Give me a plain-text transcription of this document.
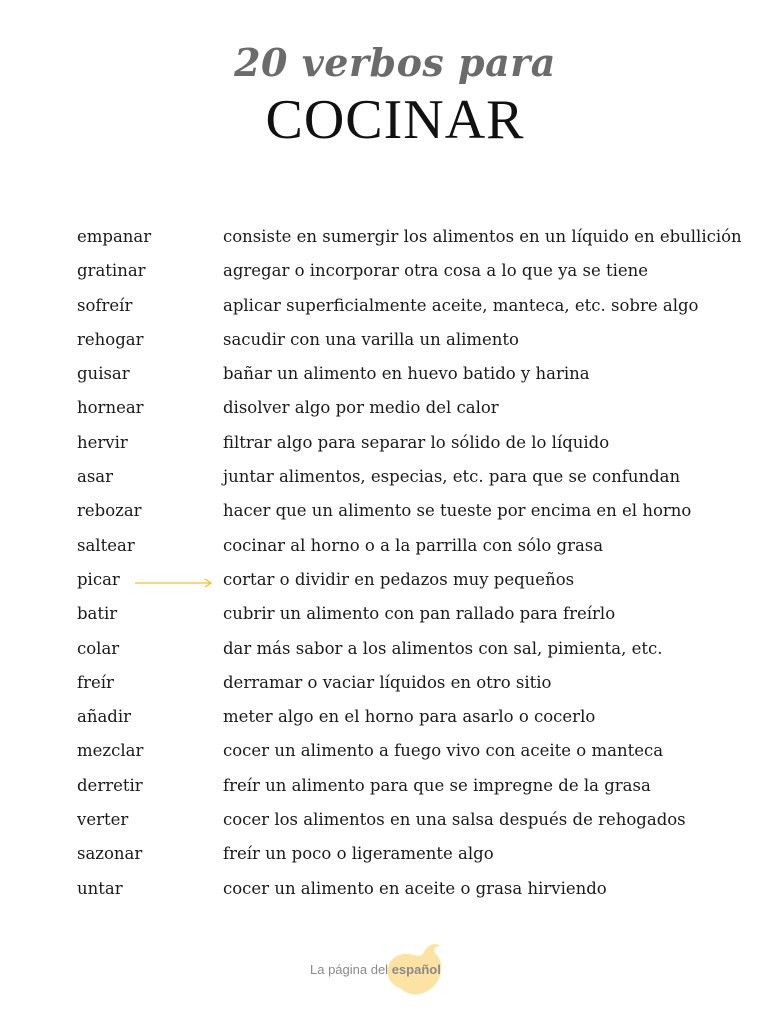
20 verbos para
COCINAR
empanar	consiste en sumergir los alimentos en un líquido en ebullición
gratinar	agregar o incorporar otra cosa a lo que ya se tiene
sofreír	aplicar superficialmente aceite, manteca, etc. sobre algo
rehogar	sacudir con una varilla un alimento
guisar	bañar un alimento en huevo batido y harina
hornear	disolver algo por medio del calor
hervir	filtrar algo para separar lo sólido de lo líquido
asar	juntar alimentos, especias, etc. para que se confundan
rebozar	hacer que un alimento se tueste por encima en el horno
saltear	cocinar al horno o a la parrilla con sólo grasa
picar	cortar o dividir en pedazos muy pequeños
batir	cubrir un alimento con pan rallado para freírlo
colar	dar más sabor a los alimentos con sal, pimienta, etc.
freír	derramar o vaciar líquidos en otro sitio
añadir	meter algo en el horno para asarlo o cocerlo
mezclar	cocer un alimento a fuego vivo con aceite o manteca
derretir	freír un alimento para que se impregne de la grasa
verter	cocer los alimentos en una salsa después de rehogados
sazonar	freír un poco o ligeramente algo
untar	cocer un alimento en aceite o grasa hirviendo
La página del español
